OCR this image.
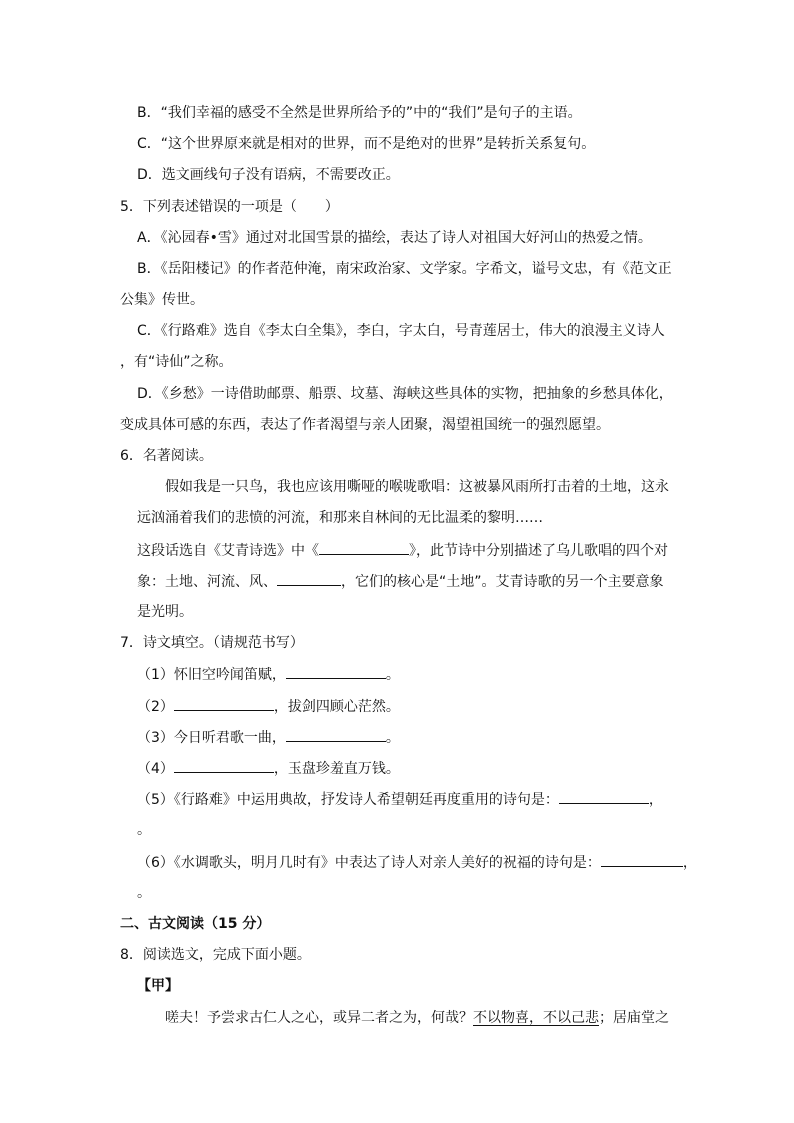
B．“我们幸福的感受不全然是世界所给予的”中的“我们”是句子的主语。
C．“这个世界原来就是相对的世界，而不是绝对的世界”是转折关系复句。
D．选文画线句子没有语病，不需要改正。
5．下列表述错误的一项是（　　）
A．《沁园春•雪》通过对北国雪景的描绘，表达了诗人对祖国大好河山的热爱之情。
B．《岳阳楼记》的作者范仲淹，南宋政治家、文学家。字希文，谥号文忠，有《范文正
公集》传世。
C．《行路难》选自《李太白全集》，李白，字太白，号青莲居士，伟大的浪漫主义诗人
，有“诗仙”之称。
D．《乡愁》一诗借助邮票、船票、坟墓、海峡这些具体的实物，把抽象的乡愁具体化，
变成具体可感的东西，表达了作者渴望与亲人团聚，渴望祖国统一的强烈愿望。
6．名著阅读。
假如我是一只鸟，我也应该用嘶哑的喉咙歌唱：这被暴风雨所打击着的土地，这永
远汹涌着我们的悲愤的河流，和那来自林间的无比温柔的黎明……
这段话选自《艾青诗选》中《	》，此节诗中分别描述了乌儿歌唱的四个对
象：土地、河流、风、	，它们的核心是“土地”。艾青诗歌的另一个主要意象
是光明。
7．诗文填空。（请规范书写）
（1）怀旧空吟闻笛赋，	。
（2）	，拔剑四顾心茫然。
（3）今日听君歌一曲，	。
（4）	，玉盘珍羞直万钱。
（5）《行路难》中运用典故，抒发诗人希望朝廷再度重用的诗句是：	，
。
（6）《水调歌头，明月几时有》中表达了诗人对亲人美好的祝福的诗句是：	，
。
二、古文阅读（15 分）
8．阅读选文，完成下面小题。
【甲】
嗟夫！予尝求古仁人之心，或异二者之为，何哉？不以物喜，不以己悲；居庙堂之
